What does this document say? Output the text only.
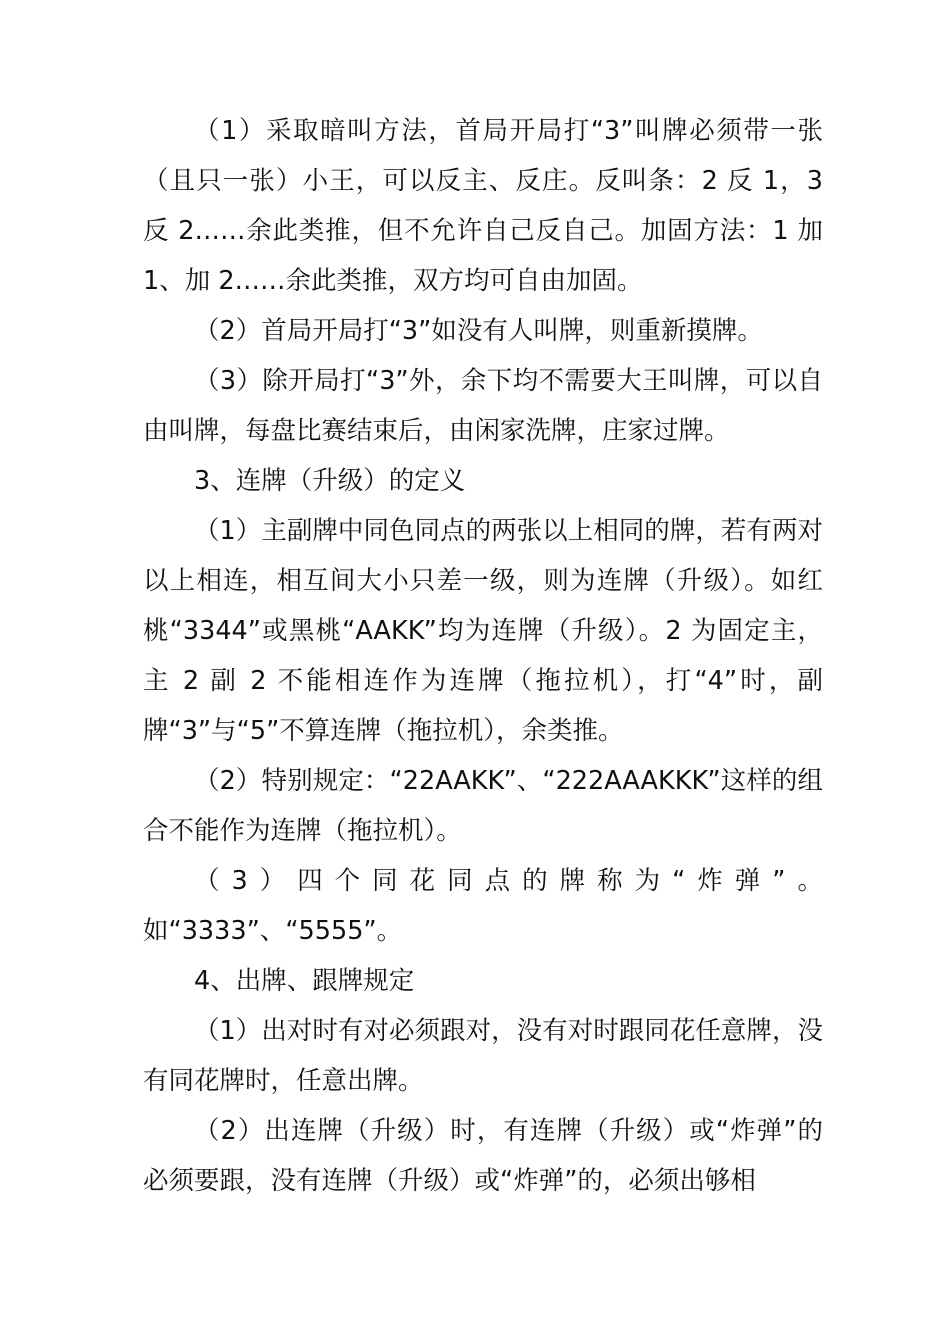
（1）采取暗叫方法，首局开局打“3”叫牌必须带一张（且只一张）小王，可以反主、反庄。反叫条：2 反 1，3 反 2……余此类推，但不允许自己反自己。加固方法：1 加 1、加 2……余此类推，双方均可自由加固。

（2）首局开局打“3”如没有人叫牌，则重新摸牌。

（3）除开局打“3”外，余下均不需要大王叫牌，可以自由叫牌，每盘比赛结束后，由闲家洗牌，庄家过牌。

3、连牌（升级）的定义

（1）主副牌中同色同点的两张以上相同的牌，若有两对以上相连，相互间大小只差一级，则为连牌（升级）。如红桃“3344”或黑桃“AAKK”均为连牌（升级）。2 为固定主，主 2 副 2 不能相连作为连牌（拖拉机），打“4”时，副牌“3”与“5”不算连牌（拖拉机），余类推。

（2）特别规定：“22AAKK”、“222AAAKKK”这样的组合不能作为连牌（拖拉机）。

（3）四个同花同点的牌称为“炸弹”。如“3333”、“5555”。

4、出牌、跟牌规定

（1）出对时有对必须跟对，没有对时跟同花任意牌，没有同花牌时，任意出牌。

（2）出连牌（升级）时，有连牌（升级）或“炸弹”的必须要跟，没有连牌（升级）或“炸弹”的，必须出够相
